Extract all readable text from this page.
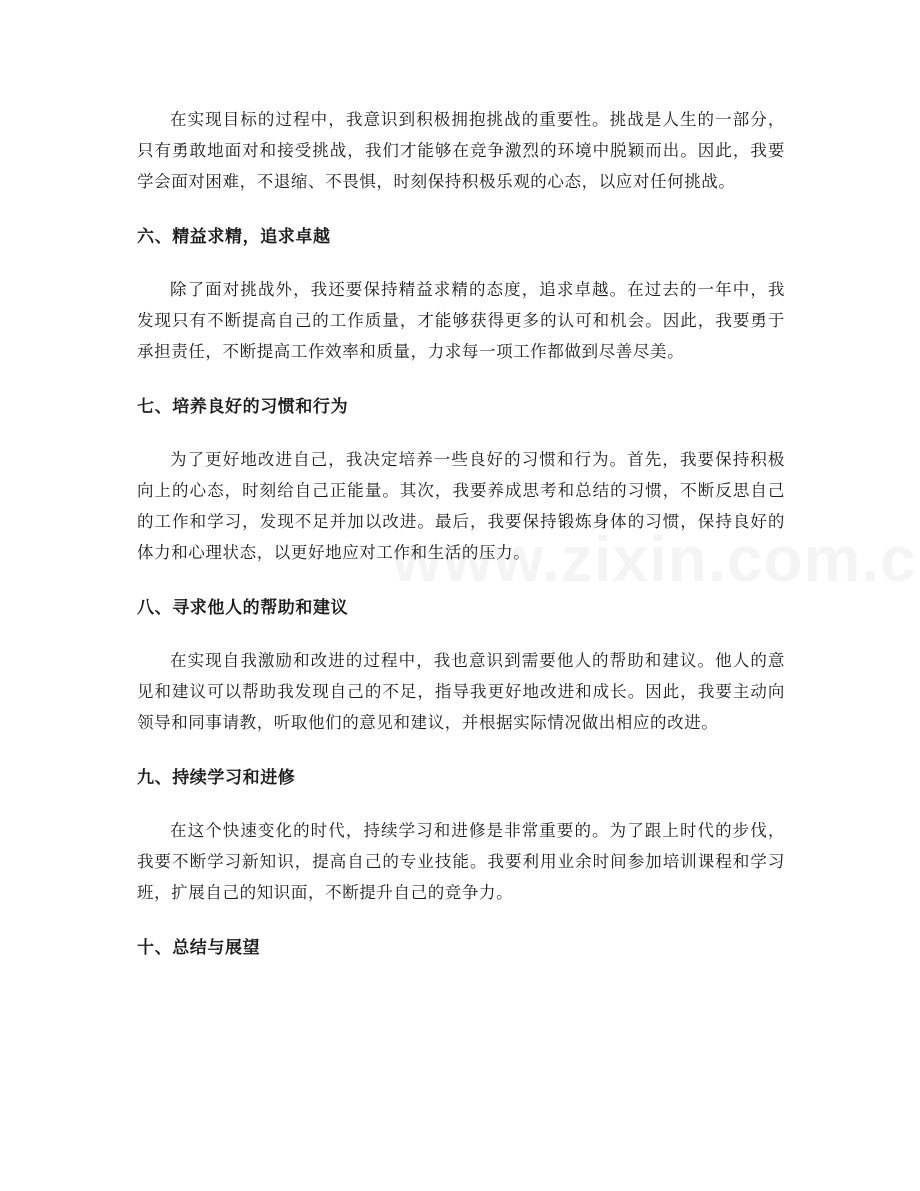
在实现目标的过程中，我意识到积极拥抱挑战的重要性。挑战是人生的一部分，只有勇敢地面对和接受挑战，我们才能够在竞争激烈的环境中脱颖而出。因此，我要学会面对困难，不退缩、不畏惧，时刻保持积极乐观的心态，以应对任何挑战。

六、精益求精，追求卓越

除了面对挑战外，我还要保持精益求精的态度，追求卓越。在过去的一年中，我发现只有不断提高自己的工作质量，才能够获得更多的认可和机会。因此，我要勇于承担责任，不断提高工作效率和质量，力求每一项工作都做到尽善尽美。

七、培养良好的习惯和行为

为了更好地改进自己，我决定培养一些良好的习惯和行为。首先，我要保持积极向上的心态，时刻给自己正能量。其次，我要养成思考和总结的习惯，不断反思自己的工作和学习，发现不足并加以改进。最后，我要保持锻炼身体的习惯，保持良好的体力和心理状态，以更好地应对工作和生活的压力。

八、寻求他人的帮助和建议

在实现自我激励和改进的过程中，我也意识到需要他人的帮助和建议。他人的意见和建议可以帮助我发现自己的不足，指导我更好地改进和成长。因此，我要主动向领导和同事请教，听取他们的意见和建议，并根据实际情况做出相应的改进。

九、持续学习和进修

在这个快速变化的时代，持续学习和进修是非常重要的。为了跟上时代的步伐，我要不断学习新知识，提高自己的专业技能。我要利用业余时间参加培训课程和学习班，扩展自己的知识面，不断提升自己的竞争力。

十、总结与展望
